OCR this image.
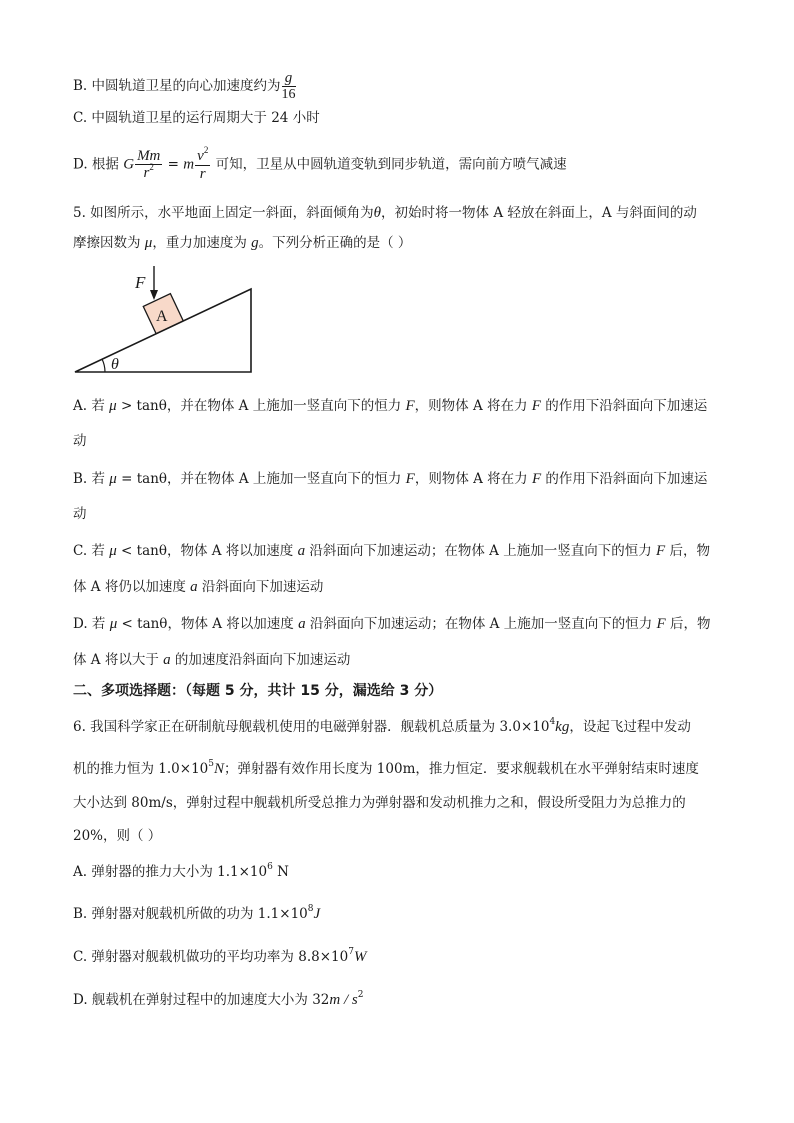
B. 中圆轨道卫星的向心加速度约为 $\frac{g}{16}$
C. 中圆轨道卫星的运行周期大于 24 小时
D. 根据 G $\frac{Mm}{r^2} = m \frac{v^2}{r}$ 可知，卫星从中圆轨道变轨到同步轨道，需向前方喷气减速
5. 如图所示，水平地面上固定一斜面，斜面倾角为θ，初始时将一物体 A 轻放在斜面上，A 与斜面间的动
摩擦因数为 μ，重力加速度为 g。下列分析正确的是（ ）
θ
A
F
A. 若 μ > tanθ，并在物体 A 上施加一竖直向下的恒力 F，则物体 A 将在力 F 的作用下沿斜面向下加速运
动
B. 若 μ = tanθ，并在物体 A 上施加一竖直向下的恒力 F，则物体 A 将在力 F 的作用下沿斜面向下加速运
动
C. 若 μ < tanθ，物体 A 将以加速度 a 沿斜面向下加速运动；在物体 A 上施加一竖直向下的恒力 F 后，物
体 A 将仍以加速度 a 沿斜面向下加速运动
D. 若 μ < tanθ，物体 A 将以加速度 a 沿斜面向下加速运动；在物体 A 上施加一竖直向下的恒力 F 后，物
体 A 将以大于 a 的加速度沿斜面向下加速运动
二、多项选择题：（每题 5 分，共计 15 分，漏选给 3 分）
6. 我国科学家正在研制航母舰载机使用的电磁弹射器．舰载机总质量为 $3.0\times 10^4kg$，设起飞过程中发动
机的推力恒为 $1.0\times 10^5N$；弹射器有效作用长度为 100m，推力恒定．要求舰载机在水平弹射结束时速度
大小达到 80m/s，弹射过程中舰载机所受总推力为弹射器和发动机推力之和，假设所受阻力为总推力的
20%，则（ ）
A. 弹射器的推力大小为 $1.1\times 10^6$ N
B. 弹射器对舰载机所做的功为 $1.1\times 10^8J$
C. 弹射器对舰载机做功的平均功率为 $8.8\times 10^7W$
D. 舰载机在弹射过程中的加速度大小为 $32m / s^2$
